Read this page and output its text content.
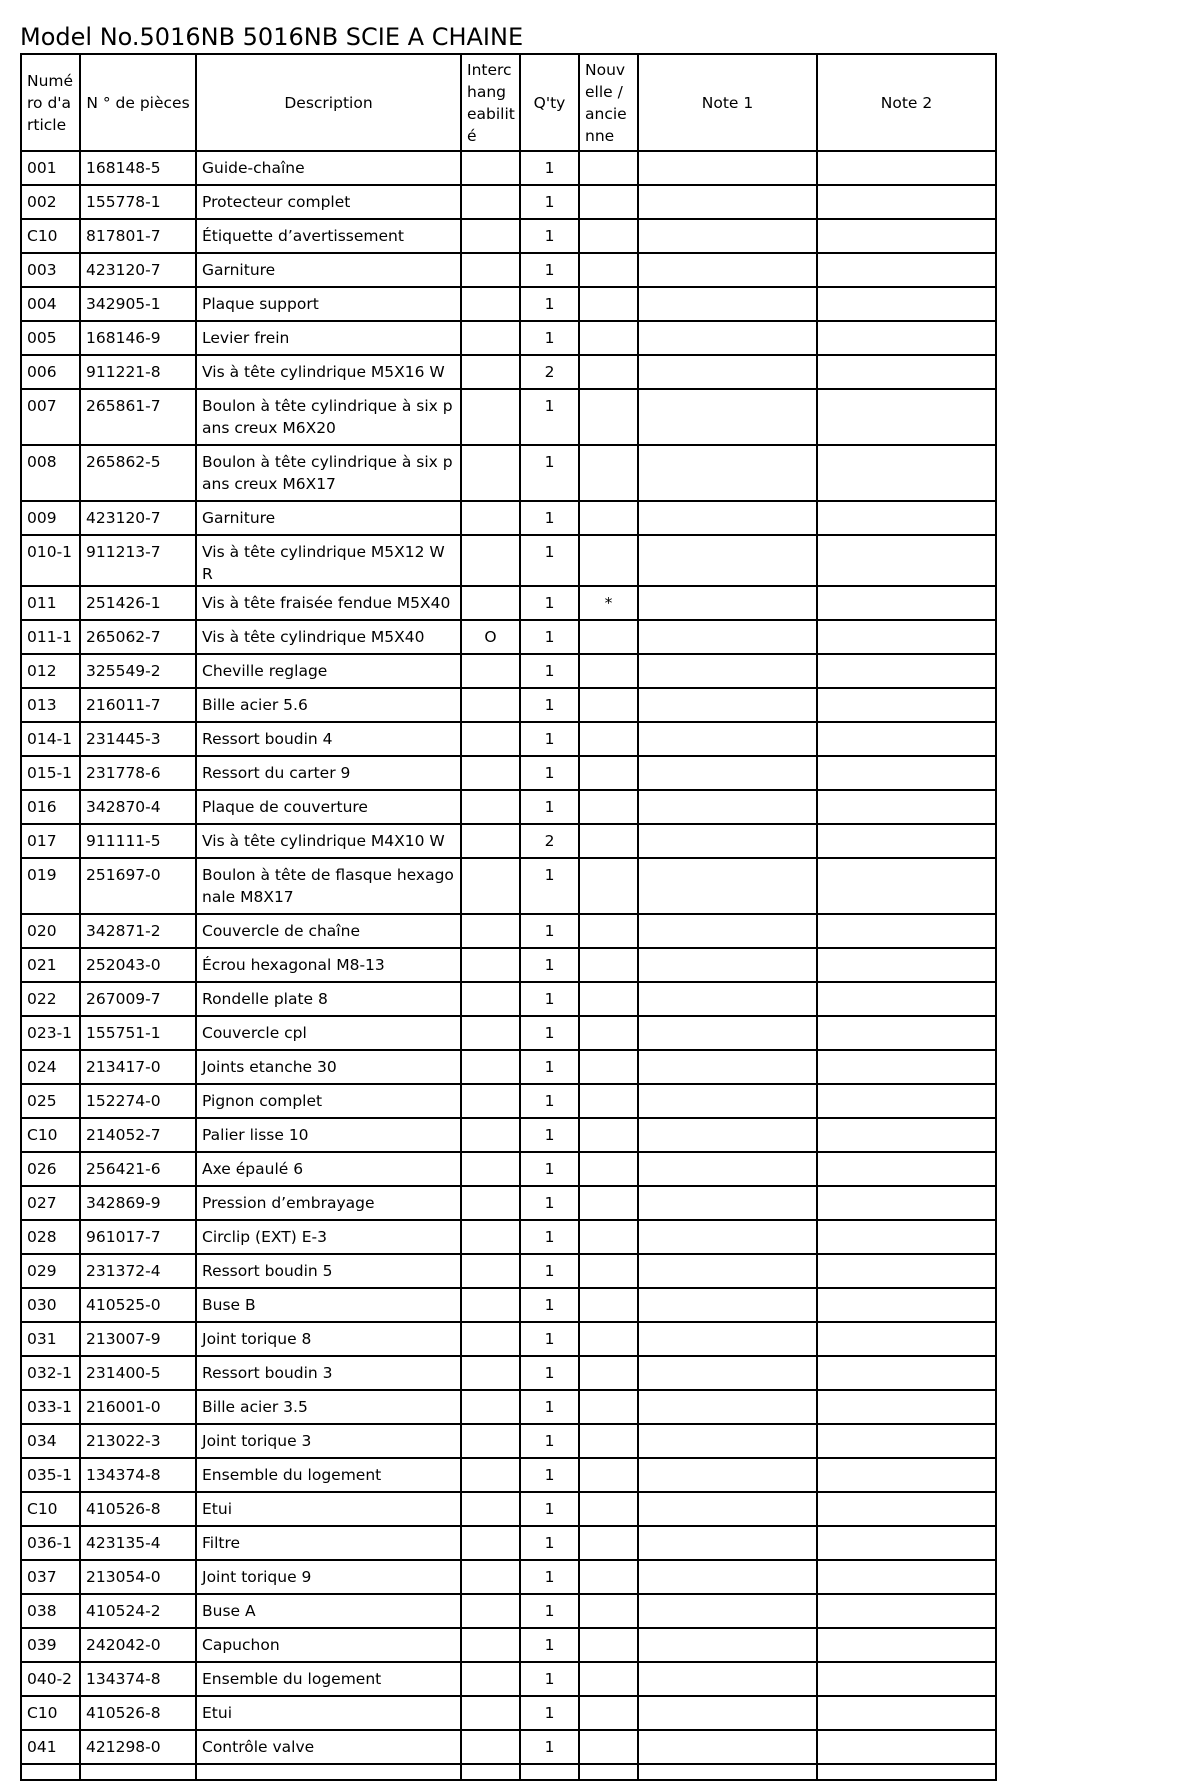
Model No.5016NB 5016NB SCIE A CHAINE
Numé ro d'a rticle	N ° de pièces	Description	Interc hang eabilit é	Q'ty	Nouv elle / ancie nne	Note 1	Note 2
001	168148-5	Guide-chaîne		1			
002	155778-1	Protecteur complet		1			
C10	817801-7	Étiquette d’avertissement		1			
003	423120-7	Garniture		1			
004	342905-1	Plaque support		1			
005	168146-9	Levier frein		1			
006	911221-8	Vis à tête cylindrique M5X16 W		2			
007	265861-7	Boulon à tête cylindrique à six pans creux M6X20		1			
008	265862-5	Boulon à tête cylindrique à six pans creux M6X17		1			
009	423120-7	Garniture		1			
010-1	911213-7	Vis à tête cylindrique M5X12 WR		1			
011	251426-1	Vis à tête fraisée fendue M5X40		1	*		
011-1	265062-7	Vis à tête cylindrique M5X40	O	1			
012	325549-2	Cheville reglage		1			
013	216011-7	Bille acier 5.6		1			
014-1	231445-3	Ressort boudin 4		1			
015-1	231778-6	Ressort du carter 9		1			
016	342870-4	Plaque de couverture		1			
017	911111-5	Vis à tête cylindrique M4X10 W		2			
019	251697-0	Boulon à tête de flasque hexagonale M8X17		1			
020	342871-2	Couvercle de chaîne		1			
021	252043-0	Écrou hexagonal M8-13		1			
022	267009-7	Rondelle plate 8		1			
023-1	155751-1	Couvercle cpl		1			
024	213417-0	Joints etanche 30		1			
025	152274-0	Pignon complet		1			
C10	214052-7	Palier lisse 10		1			
026	256421-6	Axe épaulé 6		1			
027	342869-9	Pression d’embrayage		1			
028	961017-7	Circlip (EXT) E-3		1			
029	231372-4	Ressort boudin 5		1			
030	410525-0	Buse B		1			
031	213007-9	Joint torique 8		1			
032-1	231400-5	Ressort boudin 3		1			
033-1	216001-0	Bille acier 3.5		1			
034	213022-3	Joint torique 3		1			
035-1	134374-8	Ensemble du logement		1			
C10	410526-8	Etui		1			
036-1	423135-4	Filtre		1			
037	213054-0	Joint torique 9		1			
038	410524-2	Buse A		1			
039	242042-0	Capuchon		1			
040-2	134374-8	Ensemble du logement		1			
C10	410526-8	Etui		1			
041	421298-0	Contrôle valve		1			
